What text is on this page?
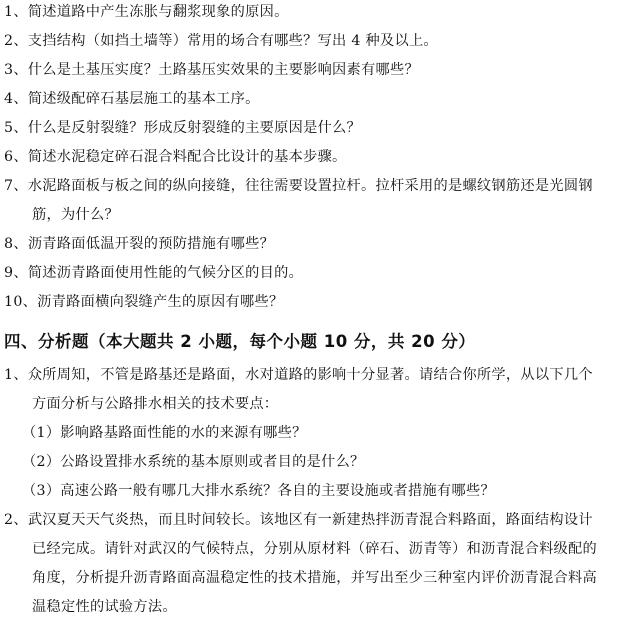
1、简述道路中产生冻胀与翻浆现象的原因。
2、支挡结构（如挡土墙等）常用的场合有哪些？写出 4 种及以上。
3、什么是土基压实度？土路基压实效果的主要影响因素有哪些？
4、简述级配碎石基层施工的基本工序。
5、什么是反射裂缝？形成反射裂缝的主要原因是什么？
6、简述水泥稳定碎石混合料配合比设计的基本步骤。
7、水泥路面板与板之间的纵向接缝，往往需要设置拉杆。拉杆采用的是螺纹钢筋还是光圆钢
筋，为什么？
8、沥青路面低温开裂的预防措施有哪些？
9、简述沥青路面使用性能的气候分区的目的。
10、沥青路面横向裂缝产生的原因有哪些？
四、分析题（本大题共 2 小题，每个小题 10 分，共 20 分）
1、众所周知，不管是路基还是路面，水对道路的影响十分显著。请结合你所学，从以下几个
方面分析与公路排水相关的技术要点：
（1）影响路基路面性能的水的来源有哪些？
（2）公路设置排水系统的基本原则或者目的是什么？
（3）高速公路一般有哪几大排水系统？各自的主要设施或者措施有哪些？
2、武汉夏天天气炎热，而且时间较长。该地区有一新建热拌沥青混合料路面，路面结构设计
已经完成。请针对武汉的气候特点，分别从原材料（碎石、沥青等）和沥青混合料级配的
角度，分析提升沥青路面高温稳定性的技术措施，并写出至少三种室内评价沥青混合料高
温稳定性的试验方法。
